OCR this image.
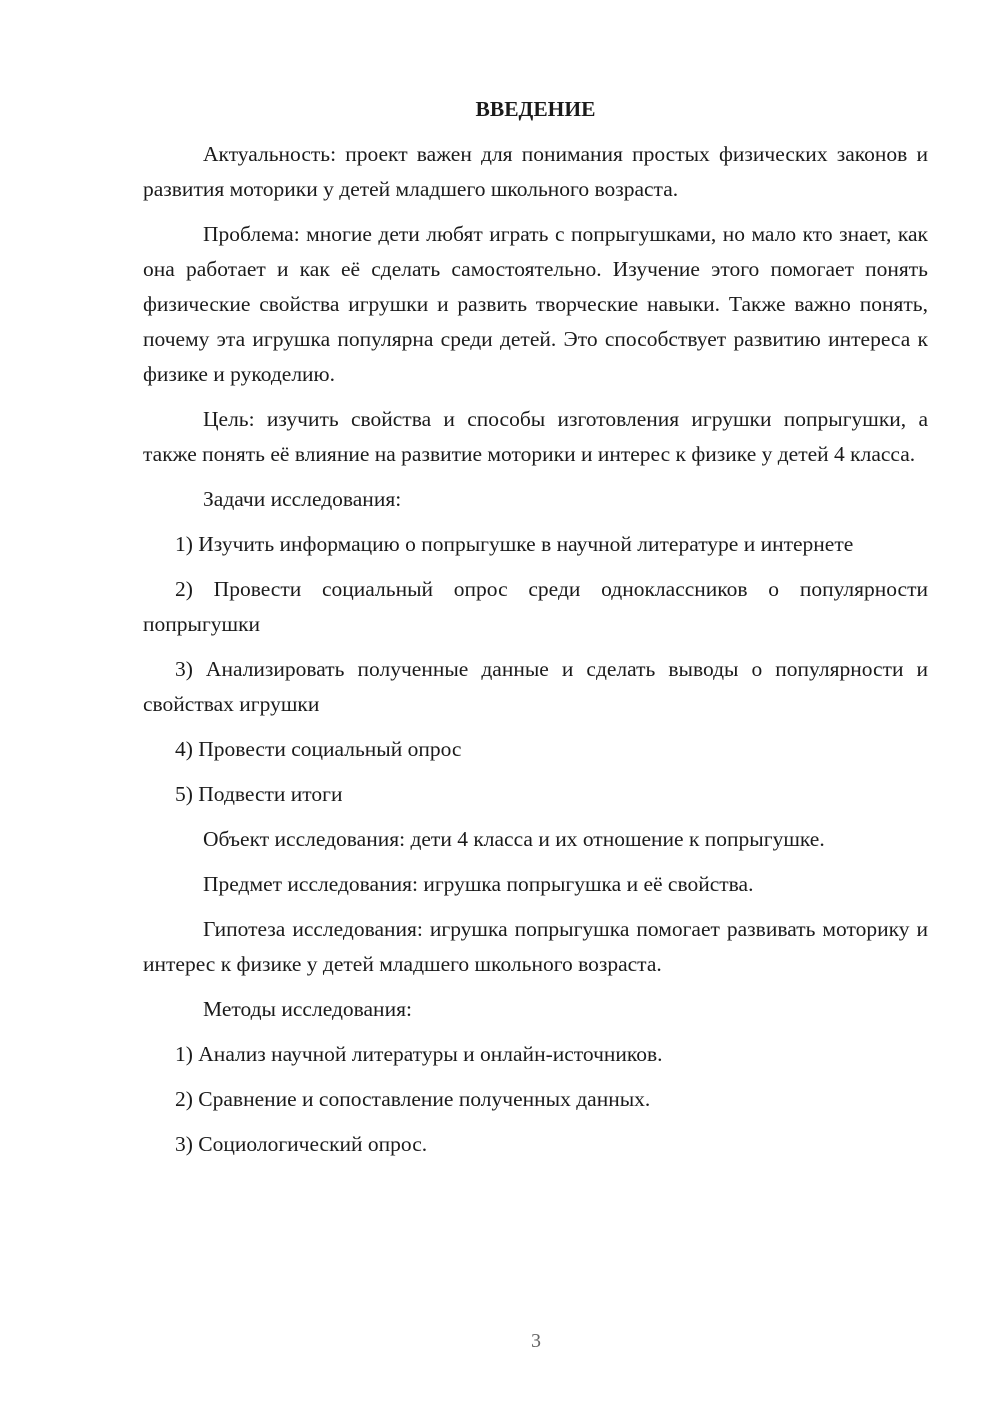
ВВЕДЕНИЕ

Актуальность: проект важен для понимания простых физических законов и развития моторики у детей младшего школьного возраста.

Проблема: многие дети любят играть с попрыгушками, но мало кто знает, как она работает и как её сделать самостоятельно. Изучение этого помогает понять физические свойства игрушки и развить творческие навыки. Также важно понять, почему эта игрушка популярна среди детей. Это способствует развитию интереса к физике и рукоделию.

Цель: изучить свойства и способы изготовления игрушки попрыгушки, а также понять её влияние на развитие моторики и интерес к физике у детей 4 класса.

Задачи исследования:

1) Изучить информацию о попрыгушке в научной литературе и интернете

2) Провести социальный опрос среди одноклассников о популярности попрыгушки

3) Анализировать полученные данные и сделать выводы о популярности и свойствах игрушки

4) Провести социальный опрос

5) Подвести итоги

Объект исследования: дети 4 класса и их отношение к попрыгушке.

Предмет исследования: игрушка попрыгушка и её свойства.

Гипотеза исследования: игрушка попрыгушка помогает развивать моторику и интерес к физике у детей младшего школьного возраста.

Методы исследования:

1) Анализ научной литературы и онлайн-источников.

2) Сравнение и сопоставление полученных данных.

3) Социологический опрос.

3
